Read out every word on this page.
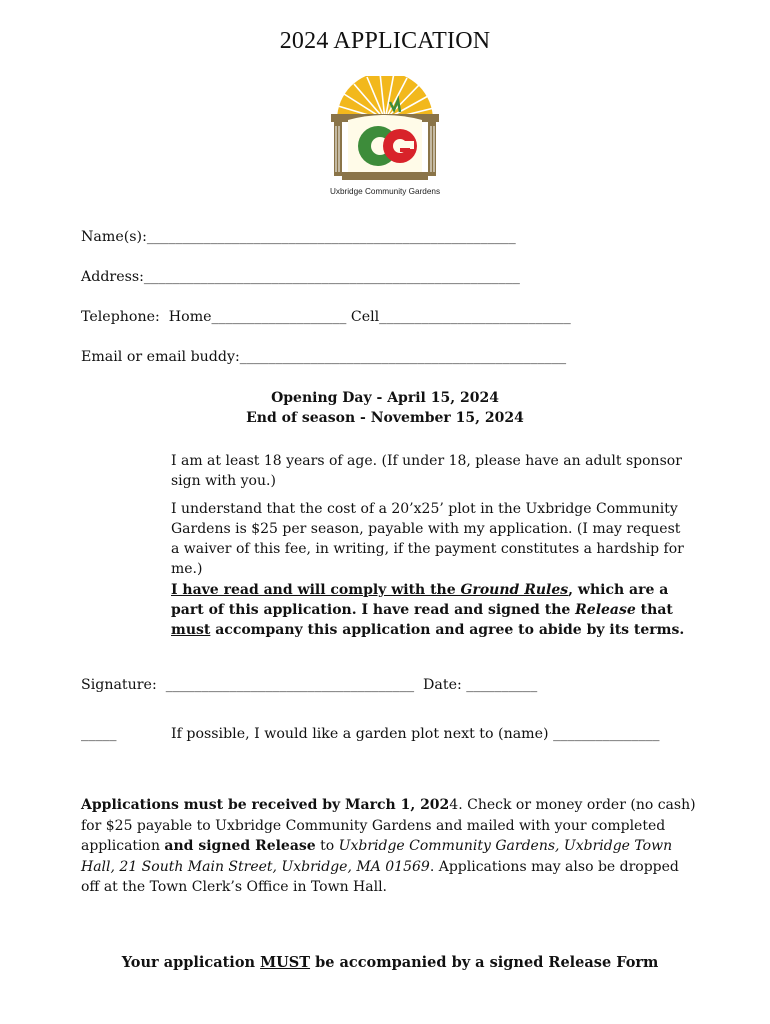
2024 APPLICATION
Uxbridge Community Gardens
Name(s):____________________________________________________
Address:_____________________________________________________
Telephone:  Home___________________ Cell___________________________
Email or email buddy:______________________________________________
Opening Day - April 15, 2024
End of season - November 15, 2024
I am at least 18 years of age. (If under 18, please have an adult sponsor sign with you.)
I understand that the cost of a 20’x25’ plot in the Uxbridge Community Gardens is $25 per season, payable with my application. (I may request a waiver of this fee, in writing, if the payment constitutes a hardship for me.)
I have read and will comply with the Ground Rules, which are a part of this application. I have read and signed the Release that must accompany this application and agree to abide by its terms.
Signature:  ___________________________________  Date: __________
_____	If possible, I would like a garden plot next to (name) _______________
Applications must be received by March 1, 2024. Check or money order (no cash) for $25 payable to Uxbridge Community Gardens and mailed with your completed application and signed Release to Uxbridge Community Gardens, Uxbridge Town Hall, 21 South Main Street, Uxbridge, MA 01569. Applications may also be dropped off at the Town Clerk’s Office in Town Hall.

Your application MUST be accompanied by a signed Release Form
